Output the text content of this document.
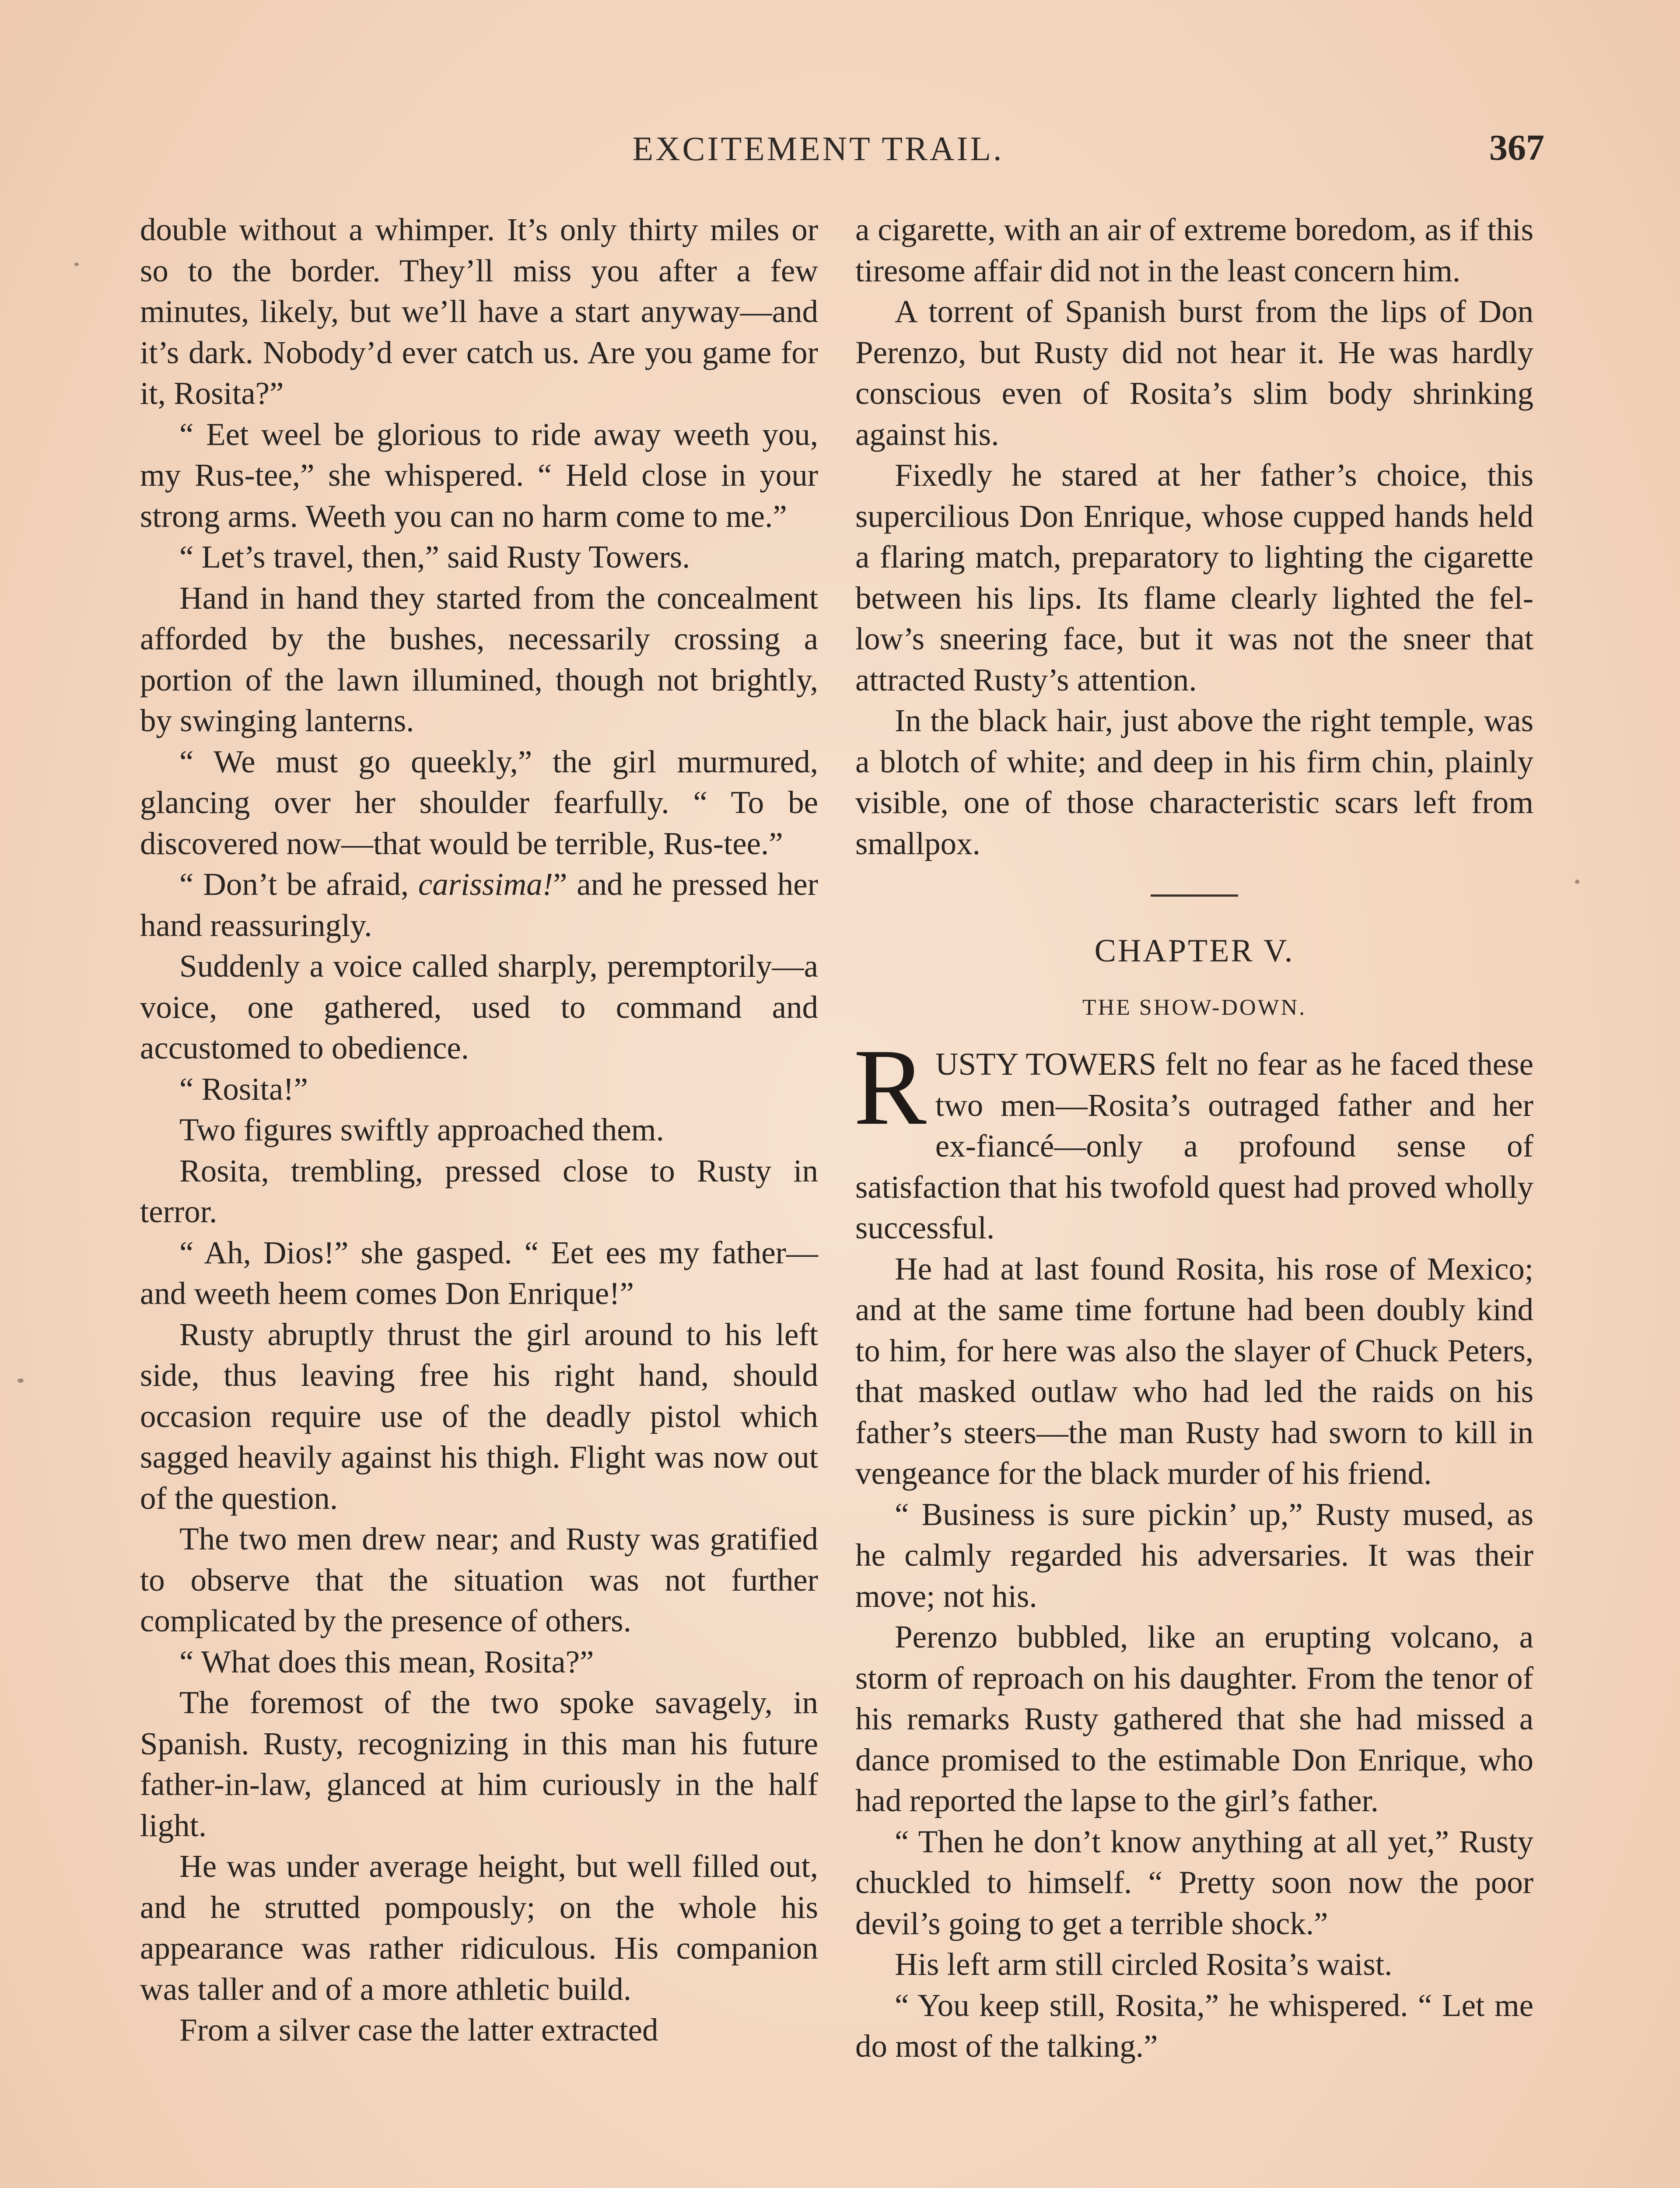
EXCITEMENT TRAIL.	367

double without a whimper. It’s only thirty miles or so to the border. They’ll miss you after a few minutes, likely, but we’ll have a start anyway—and it’s dark. Nobody’d ever catch us. Are you game for it, Rosita?”

“ Eet weel be glorious to ride away weeth you, my Rus-tee,” she whispered. “ Held close in your strong arms. Weeth you can no harm come to me.”

“ Let’s travel, then,” said Rusty Towers.

Hand in hand they started from the concealment afforded by the bushes, necessarily crossing a portion of the lawn illumined, though not brightly, by swinging lanterns.

“ We must go queekly,” the girl murmured, glancing over her shoulder fearfully. “ To be discovered now—that would be terrible, Rus-tee.”

“ Don’t be afraid, carissima!” and he pressed her hand reassuringly.

Suddenly a voice called sharply, peremptorily—a voice, one gathered, used to command and accustomed to obedience.

“ Rosita!”

Two figures swiftly approached them.

Rosita, trembling, pressed close to Rusty in terror.

“ Ah, Dios!” she gasped. “ Eet ees my father—and weeth heem comes Don Enrique!”

Rusty abruptly thrust the girl around to his left side, thus leaving free his right hand, should occasion require use of the deadly pistol which sagged heavily against his thigh. Flight was now out of the question.

The two men drew near; and Rusty was gratified to observe that the situation was not further complicated by the presence of others.

“ What does this mean, Rosita?”

The foremost of the two spoke savagely, in Spanish. Rusty, recognizing in this man his future father-in-law, glanced at him curiously in the half light.

He was under average height, but well filled out, and he strutted pompously; on the whole his appearance was rather ridiculous. His companion was taller and of a more athletic build.

From a silver case the latter extracted

a cigarette, with an air of extreme boredom, as if this tiresome affair did not in the least concern him.

A torrent of Spanish burst from the lips of Don Perenzo, but Rusty did not hear it. He was hardly conscious even of Rosita’s slim body shrinking against his.

Fixedly he stared at her father’s choice, this supercilious Don Enrique, whose cupped hands held a flaring match, preparatory to lighting the cigarette between his lips. Its flame clearly lighted the fellow’s sneering face, but it was not the sneer that attracted Rusty’s attention.

In the black hair, just above the right temple, was a blotch of white; and deep in his firm chin, plainly visible, one of those characteristic scars left from smallpox.

CHAPTER V.
THE SHOW-DOWN.

RUSTY TOWERS felt no fear as he faced these two men—Rosita’s outraged father and her ex-fiancé—only a profound sense of satisfaction that his twofold quest had proved wholly successful.

He had at last found Rosita, his rose of Mexico; and at the same time fortune had been doubly kind to him, for here was also the slayer of Chuck Peters, that masked outlaw who had led the raids on his father’s steers—the man Rusty had sworn to kill in vengeance for the black murder of his friend.

“ Business is sure pickin’ up,” Rusty mused, as he calmly regarded his adversaries. It was their move; not his.

Perenzo bubbled, like an erupting volcano, a storm of reproach on his daughter. From the tenor of his remarks Rusty gathered that she had missed a dance promised to the estimable Don Enrique, who had reported the lapse to the girl’s father.

“ Then he don’t know anything at all yet,” Rusty chuckled to himself. “ Pretty soon now the poor devil’s going to get a terrible shock.”

His left arm still circled Rosita’s waist.

“ You keep still, Rosita,” he whispered. “ Let me do most of the talking.”
